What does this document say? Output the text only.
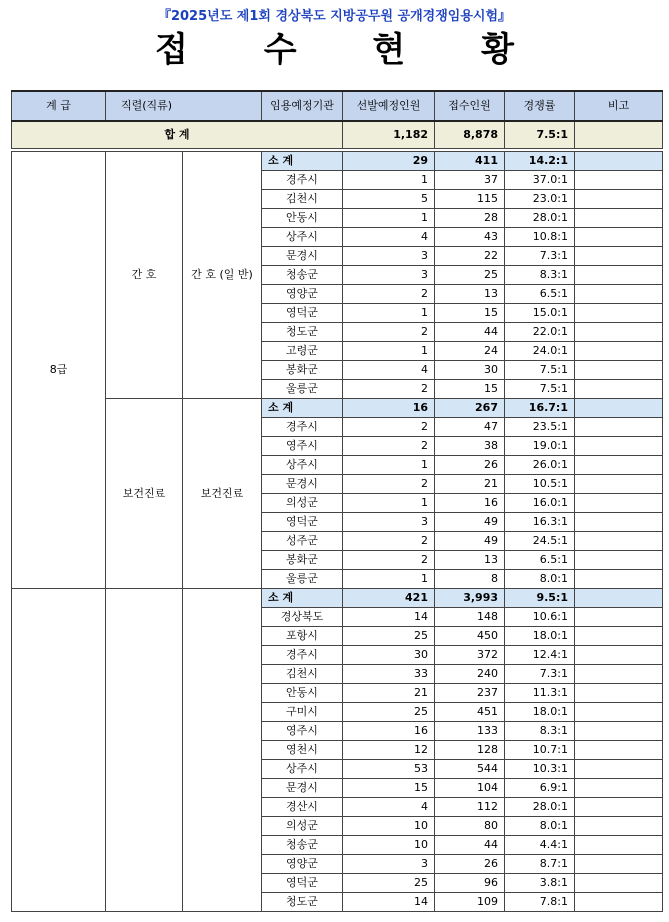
『2025년도 제1회 경상북도 지방공무원 공개경쟁임용시험』
접 수 현 황
계 급	직렬(직류)		임용예정기관	선발예정인원	접수인원	경쟁률	비고
합 계				1,182	8,878	7.5:1	

8급	간 호	간 호 (일 반)	소 계	29	411	14.2:1	
			경주시	1	37	37.0:1	
			김천시	5	115	23.0:1	
			안동시	1	28	28.0:1	
			상주시	4	43	10.8:1	
			문경시	3	22	7.3:1	
			청송군	3	25	8.3:1	
			영양군	2	13	6.5:1	
			영덕군	1	15	15.0:1	
			청도군	2	44	22.0:1	
			고령군	1	24	24.0:1	
			봉화군	4	30	7.5:1	
			울릉군	2	15	7.5:1	
	보건진료	보건진료	소 계	16	267	16.7:1	
			경주시	2	47	23.5:1	
			영주시	2	38	19.0:1	
			상주시	1	26	26.0:1	
			문경시	2	21	10.5:1	
			의성군	1	16	16.0:1	
			영덕군	3	49	16.3:1	
			성주군	2	49	24.5:1	
			봉화군	2	13	6.5:1	
			울릉군	1	8	8.0:1	
			소 계	421	3,993	9.5:1	
			경상북도	14	148	10.6:1	
			포항시	25	450	18.0:1	
			경주시	30	372	12.4:1	
			김천시	33	240	7.3:1	
			안동시	21	237	11.3:1	
			구미시	25	451	18.0:1	
			영주시	16	133	8.3:1	
			영천시	12	128	10.7:1	
			상주시	53	544	10.3:1	
			문경시	15	104	6.9:1	
			경산시	4	112	28.0:1	
			의성군	10	80	8.0:1	
			청송군	10	44	4.4:1	
			영양군	3	26	8.7:1	
			영덕군	25	96	3.8:1	
			청도군	14	109	7.8:1	
